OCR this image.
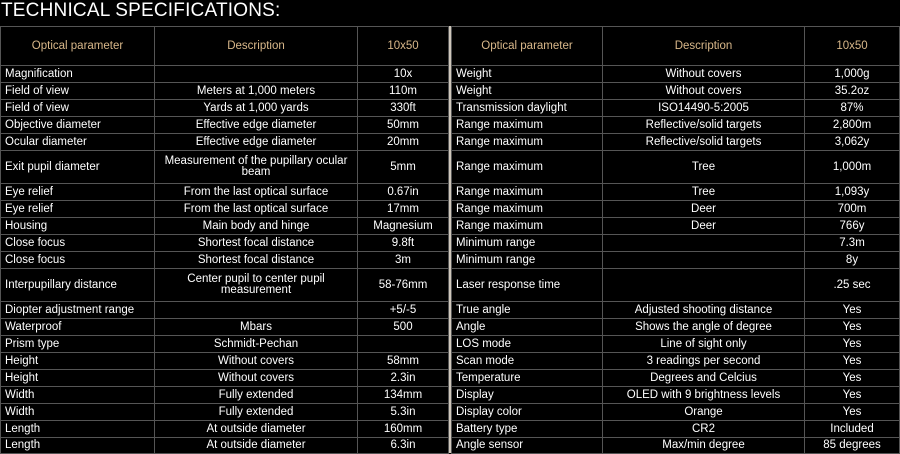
TECHNICAL SPECIFICATIONS:
Optical parameter	Description	10x50
Magnification		10x
Field of view	Meters at 1,000 meters	110m
Field of view	Yards at 1,000 yards	330ft
Objective diameter	Effective edge diameter	50mm
Ocular diameter	Effective edge diameter	20mm
Exit pupil diameter	Measurement of the pupillary ocular beam	5mm
Eye relief	From the last optical surface	0.67in
Eye relief	From the last optical surface	17mm
Housing	Main body and hinge	Magnesium
Close focus	Shortest focal distance	9.8ft
Close focus	Shortest focal distance	3m
Interpupillary distance	Center pupil to center pupil measurement	58-76mm
Diopter adjustment range		+5/-5
Waterproof	Mbars	500
Prism type	Schmidt-Pechan	
Height	Without covers	58mm
Height	Without covers	2.3in
Width	Fully extended	134mm
Width	Fully extended	5.3in
Length	At outside diameter	160mm
Length	At outside diameter	6.3in
Optical parameter	Description	10x50
Weight	Without covers	1,000g
Weight	Without covers	35.2oz
Transmission daylight	ISO14490-5:2005	87%
Range maximum	Reflective/solid targets	2,800m
Range maximum	Reflective/solid targets	3,062y
Range maximum	Tree	1,000m
Range maximum	Tree	1,093y
Range maximum	Deer	700m
Range maximum	Deer	766y
Minimum range		7.3m
Minimum range		8y
Laser response time		.25 sec
True angle	Adjusted shooting distance	Yes
Angle	Shows the angle of degree	Yes
LOS mode	Line of sight only	Yes
Scan mode	3 readings per second	Yes
Temperature	Degrees and Celcius	Yes
Display	OLED with 9 brightness levels	Yes
Display color	Orange	Yes
Battery type	CR2	Included
Angle sensor	Max/min degree	85 degrees
